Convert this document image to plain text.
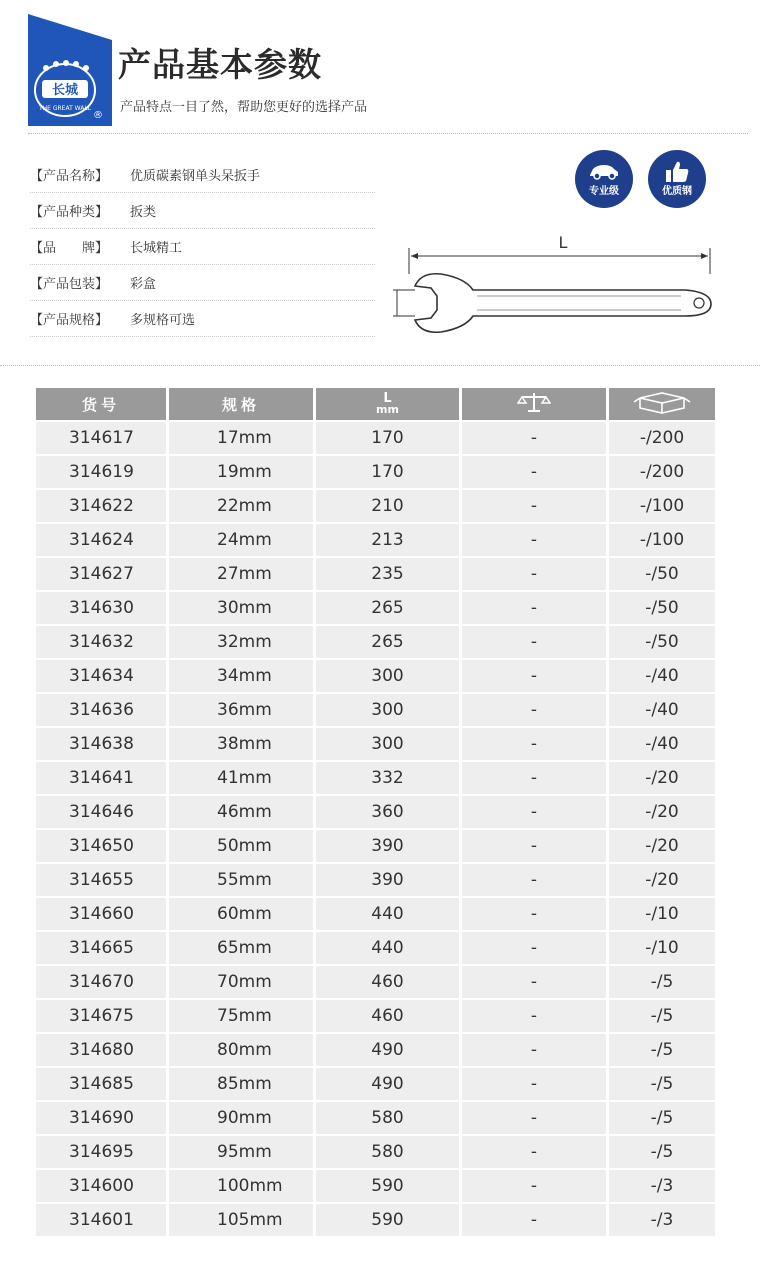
长城
THE GREAT WALL
®
产品基本参数
产品特点一目了然，帮助您更好的选择产品
【产品名称】	优质碳素钢单头呆扳手
【产品种类】	扳类
【品　　牌】	长城精工
【产品包装】	彩盒
【产品规格】	多规格可选
专业级	优质钢
L
货号	规格	L
mm

314617	17mm	170	-	-/200
314619	19mm	170	-	-/200
314622	22mm	210	-	-/100
314624	24mm	213	-	-/100
314627	27mm	235	-	-/50
314630	30mm	265	-	-/50
314632	32mm	265	-	-/50
314634	34mm	300	-	-/40
314636	36mm	300	-	-/40
314638	38mm	300	-	-/40
314641	41mm	332	-	-/20
314646	46mm	360	-	-/20
314650	50mm	390	-	-/20
314655	55mm	390	-	-/20
314660	60mm	440	-	-/10
314665	65mm	440	-	-/10
314670	70mm	460	-	-/5
314675	75mm	460	-	-/5
314680	80mm	490	-	-/5
314685	85mm	490	-	-/5
314690	90mm	580	-	-/5
314695	95mm	580	-	-/5
314600	100mm	590	-	-/3
314601	105mm	590	-	-/3
